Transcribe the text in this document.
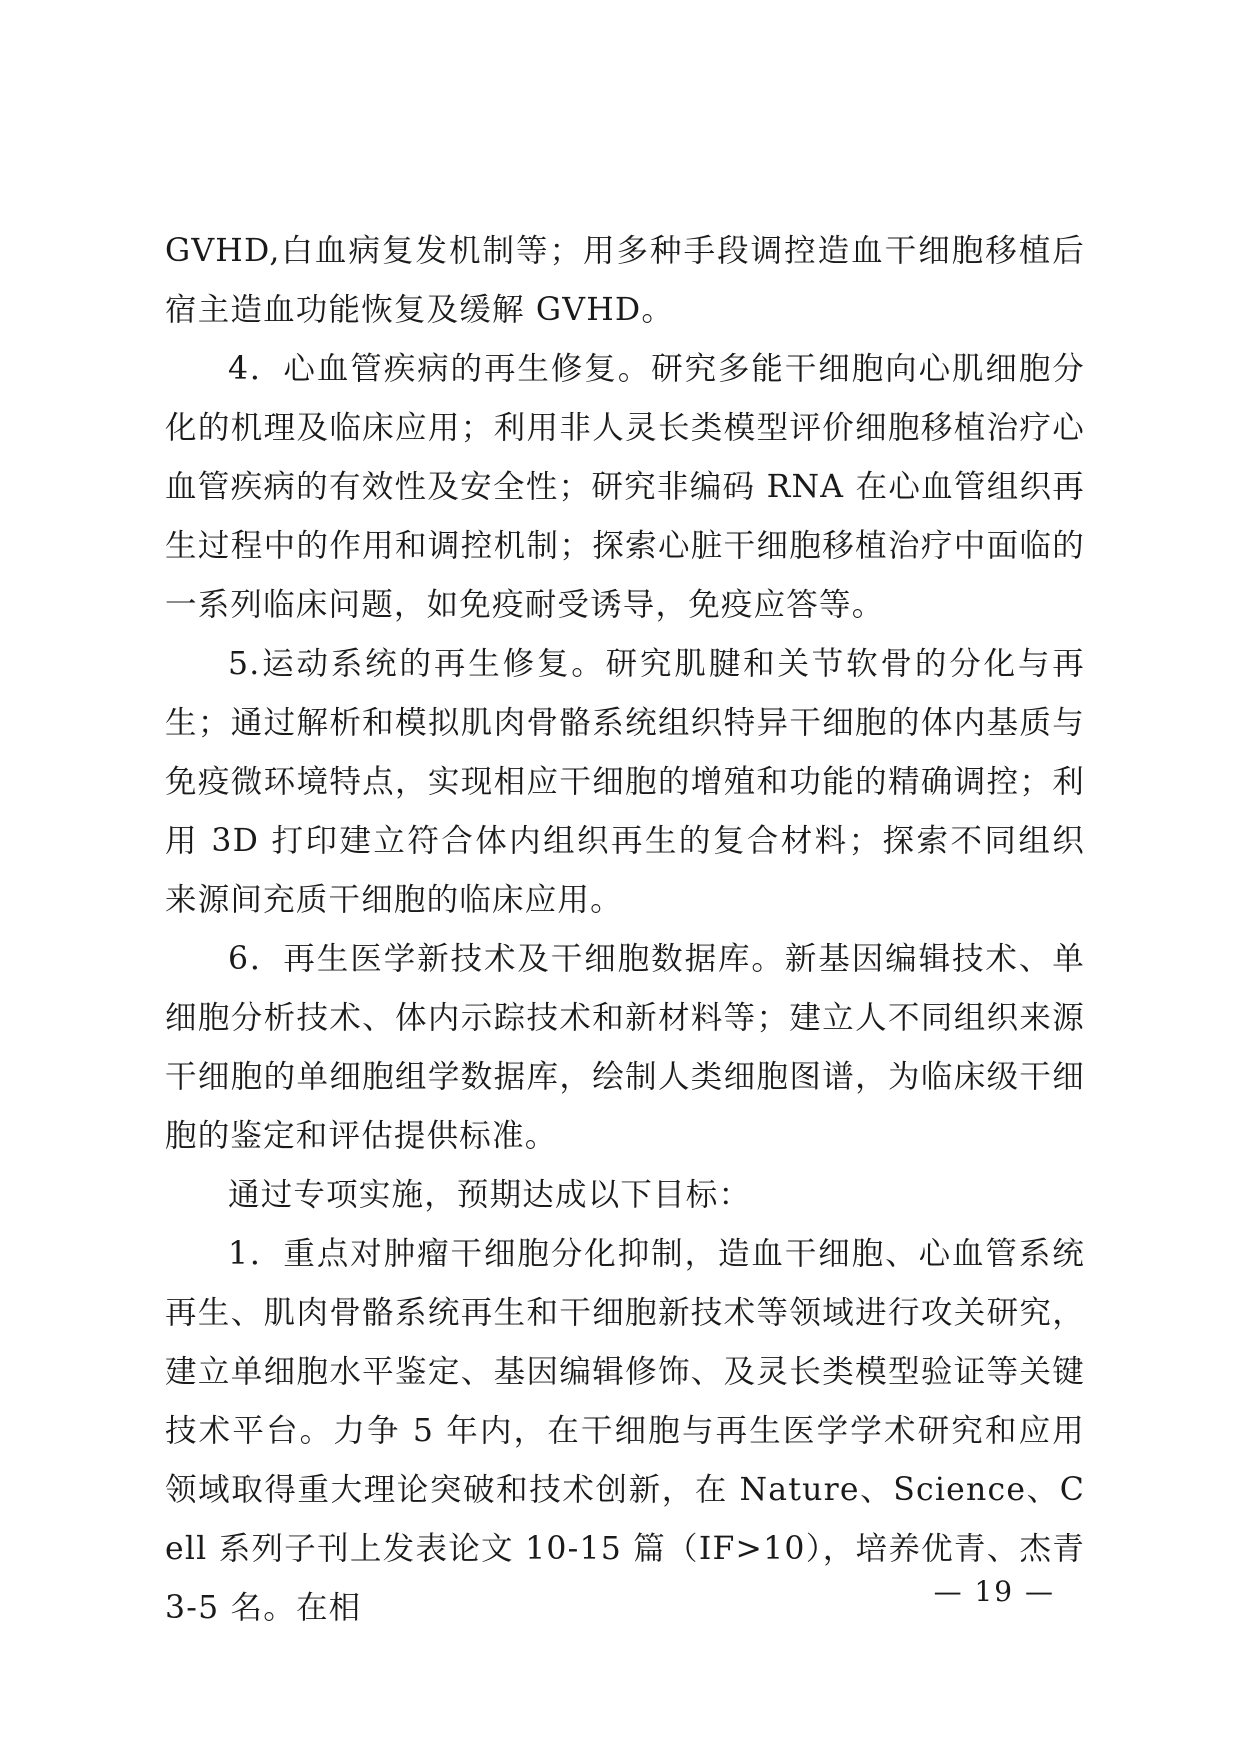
GVHD,白血病复发机制等；用多种手段调控造血干细胞移植后宿主造血功能恢复及缓解 GVHD。

4．心血管疾病的再生修复。研究多能干细胞向心肌细胞分化的机理及临床应用；利用非人灵长类模型评价细胞移植治疗心血管疾病的有效性及安全性；研究非编码 RNA 在心血管组织再生过程中的作用和调控机制；探索心脏干细胞移植治疗中面临的一系列临床问题，如免疫耐受诱导，免疫应答等。

5.运动系统的再生修复。研究肌腱和关节软骨的分化与再生；通过解析和模拟肌肉骨骼系统组织特异干细胞的体内基质与免疫微环境特点，实现相应干细胞的增殖和功能的精确调控；利用 3D 打印建立符合体内组织再生的复合材料；探索不同组织来源间充质干细胞的临床应用。

6．再生医学新技术及干细胞数据库。新基因编辑技术、单细胞分析技术、体内示踪技术和新材料等；建立人不同组织来源干细胞的单细胞组学数据库，绘制人类细胞图谱，为临床级干细胞的鉴定和评估提供标准。

通过专项实施，预期达成以下目标：

1．重点对肿瘤干细胞分化抑制，造血干细胞、心血管系统再生、肌肉骨骼系统再生和干细胞新技术等领域进行攻关研究，建立单细胞水平鉴定、基因编辑修饰、及灵长类模型验证等关键技术平台。力争 5 年内，在干细胞与再生医学学术研究和应用领域取得重大理论突破和技术创新，在 Nature、Science、Cell 系列子刊上发表论文 10-15 篇（IF>10），培养优青、杰青 3-5 名。在相	— 19 —
